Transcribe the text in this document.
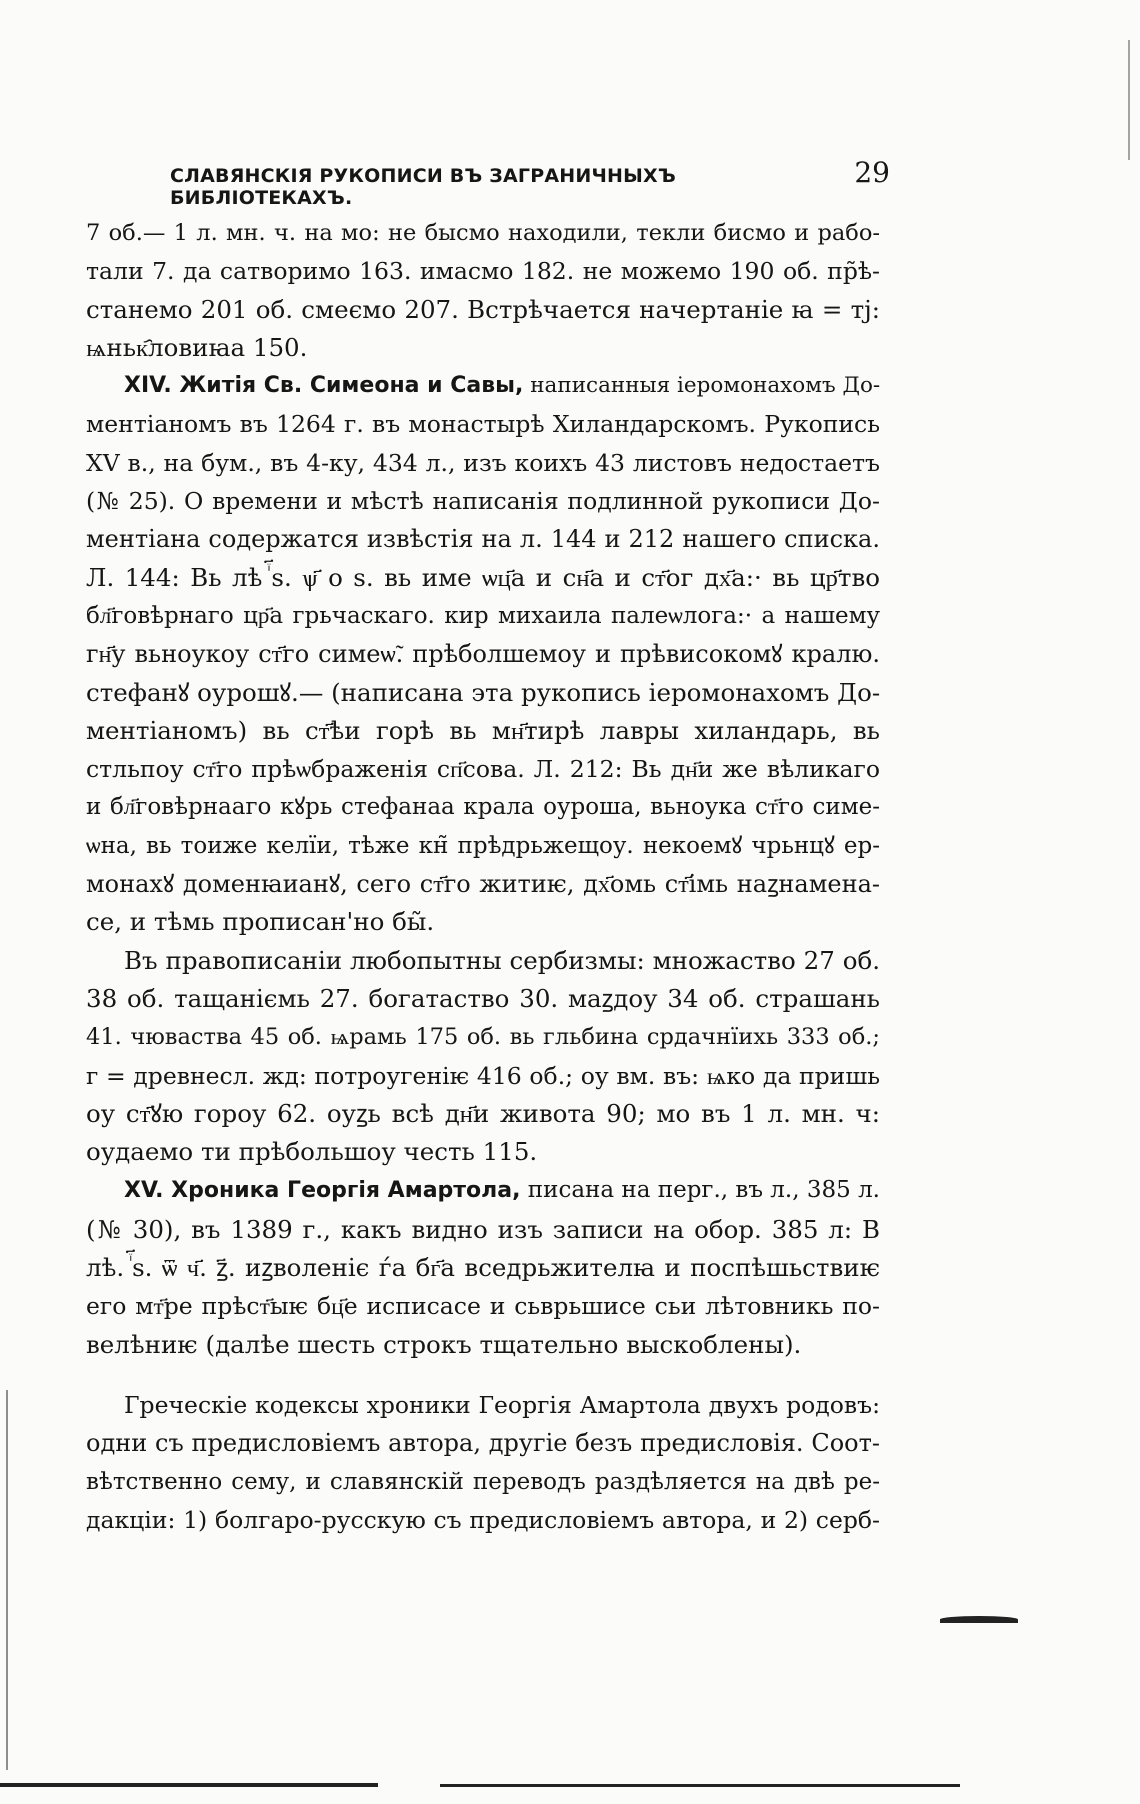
СЛАВЯНСКІЯ РУКОПИСИ ВЪ ЗАГРАНИЧНЫХЪ БИБЛІОТЕКАХЪ.
29

7 об.— 1 л. мн. ч. на мо: не бысмо находили, текли бисмо и рабо-
тали 7. да сатворимо 163. имасмо 182. не можемо 190 об. пр̃ѣ-
станемо 201 об. смеємо 207. Встрѣчается начертаніе ꙗ = тј:
ѩньк҄ловиꙗа 150.

XIV. Житія Св. Симеона и Савы, написанныя іеромонахомъ До-
ментіаномъ въ 1264 г. въ монастырѣ Хиландарскомъ. Рукопись
XV в., на бум., въ 4-ку, 434 л., изъ коихъ 43 листовъ недостаетъ
(№ 25). О времени и мѣстѣ написанія подлинной рукописи До-
ментіана содержатся извѣстія на л. 144 и 212 нашего списка.
Л. 144: Вь лѣ ꙶ҃ѕ. ѱ҃ о ѕ. вь име ѡц҃а и сн҃а и ст҃ог дх҃а:· вь цр҃тво
бл҃говѣрнаго цр҃а грьчаскаго. кир михаила палеѡлога:· а нашему
гн҃у вьноукоу ст҃го симеѡ̃. прѣболшемоу и прѣвисокомꙋ кралю.
стефанꙋ оурошꙋ.— (написана эта рукопись іеромонахомъ До-
ментіаномъ) вь ст҃ѣи горѣ вь мн҃тирѣ лавры хиландарь, вь
стльпоу ст҃го прѣѡбраженія сп҃сова. Л. 212: Вь дн҃и же вѣликаго
и бл҃говѣрнааго кꙋрь стефанаа крала оуроша, вьноука ст҃го симе-
ѡна, вь тоиже келїи, тѣже кн̃ прѣдрьжещоу. некоемꙋ чрьнцꙋ ер-
монахꙋ доменꙗианꙋ, сего ст҃го житиѥ, дх҃омь ст҃імь наꙁнамена-
се, и тѣмь прописан'но бы̃.

Въ правописаніи любопытны сербизмы: множаство 27 об.
38 об. тащаніємь 27. богатаство 30. маꙁдоу 34 об. страшань
41. чюваства 45 об. ѩрамь 175 об. вь гльбина срдачнїихь 333 об.;
г = древнесл. жд: потроугеніѥ 416 об.; оу вм. въ: ѩко да пришь
оу ст҃ꙋю гороу 62. оуꙁь всѣ дн҃и живота 90; мо въ 1 л. мн. ч:
оудаемо ти прѣбольшоу честь 115.

XV. Хроника Георгія Амартола, писана на перг., въ л., 385 л.
(№ 30), въ 1389 г., какъ видно изъ записи на обор. 385 л: В
лѣ. ꙶ҃ѕ. ѿ ч҃. ꙁ҃. иꙁволеніє ѓа бг҃а вседрьжителꙗ и поспѣшьствиѥ
его мт҃ре прѣст҃ыѥ бц҃е исписасе и сьврьшисе сьи лѣтовникь по-
велѣниѥ (далѣе шесть строкъ тщательно выскоблены).

Греческіе кодексы хроники Георгія Амартола двухъ родовъ:
одни съ предисловіемъ автора, другіе безъ предисловія. Соот-
вѣтственно сему, и славянскій переводъ раздѣляется на двѣ ре-
дакціи: 1) болгаро-русскую съ предисловіемъ автора, и 2) серб-
